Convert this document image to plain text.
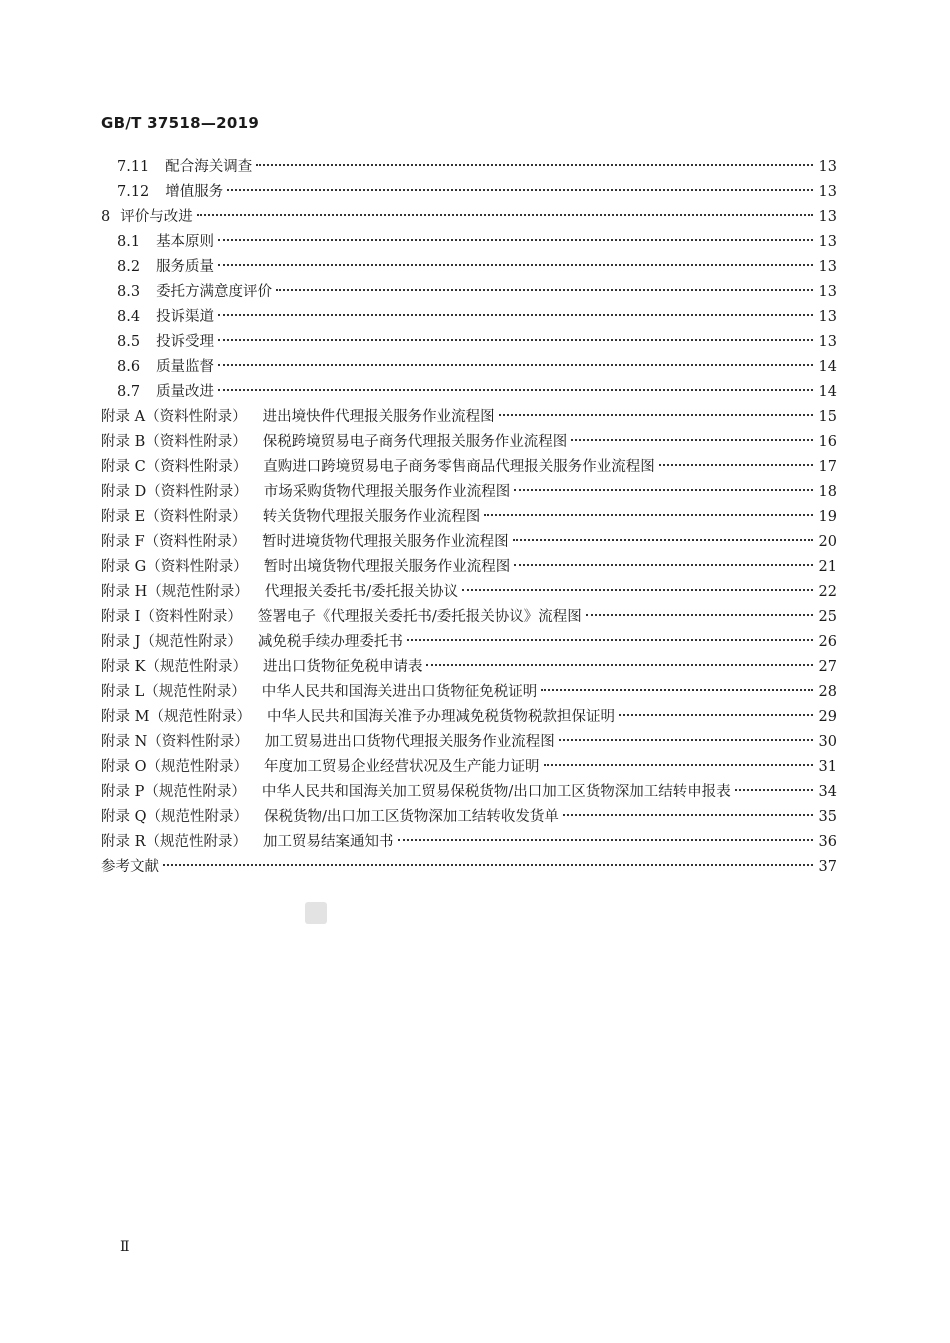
GB/T 37518—2019
7.11 配合海关调查	13
7.12 增值服务	13
8 评价与改进	13
8.1 基本原则	13
8.2 服务质量	13
8.3 委托方满意度评价	13
8.4 投诉渠道	13
8.5 投诉受理	13
8.6 质量监督	14
8.7 质量改进	14
附录 A（资料性附录） 进出境快件代理报关服务作业流程图	15
附录 B（资料性附录） 保税跨境贸易电子商务代理报关服务作业流程图	16
附录 C（资料性附录） 直购进口跨境贸易电子商务零售商品代理报关服务作业流程图	17
附录 D（资料性附录） 市场采购货物代理报关服务作业流程图	18
附录 E（资料性附录） 转关货物代理报关服务作业流程图	19
附录 F（资料性附录） 暂时进境货物代理报关服务作业流程图	20
附录 G（资料性附录） 暂时出境货物代理报关服务作业流程图	21
附录 H（规范性附录） 代理报关委托书/委托报关协议	22
附录 I（资料性附录） 签署电子《代理报关委托书/委托报关协议》流程图	25
附录 J（规范性附录） 减免税手续办理委托书	26
附录 K（规范性附录） 进出口货物征免税申请表	27
附录 L（规范性附录） 中华人民共和国海关进出口货物征免税证明	28
附录 M（规范性附录） 中华人民共和国海关准予办理减免税货物税款担保证明	29
附录 N（资料性附录） 加工贸易进出口货物代理报关服务作业流程图	30
附录 O（规范性附录） 年度加工贸易企业经营状况及生产能力证明	31
附录 P（规范性附录） 中华人民共和国海关加工贸易保税货物/出口加工区货物深加工结转申报表	34
附录 Q（规范性附录） 保税货物/出口加工区货物深加工结转收发货单	35
附录 R（规范性附录） 加工贸易结案通知书	36
参考文献	37
Ⅱ
